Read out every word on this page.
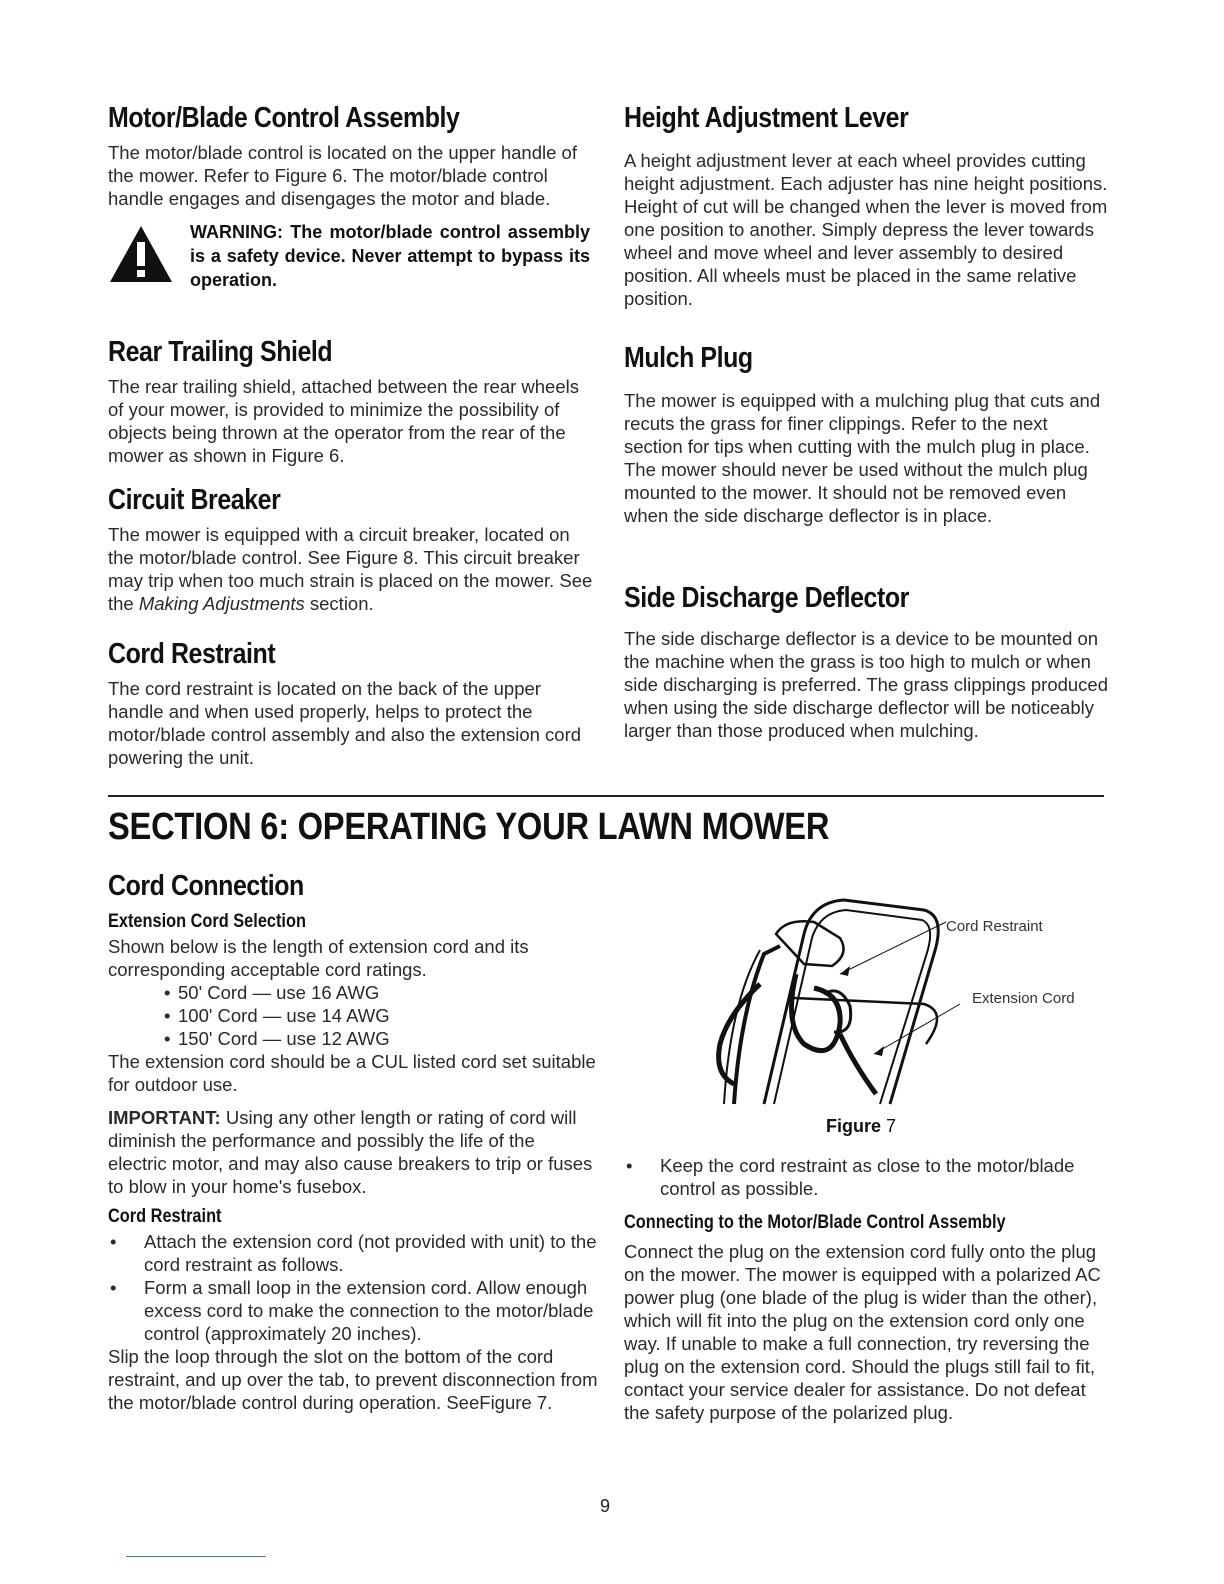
Motor/Blade Control Assembly

The motor/blade control is located on the upper handle of the mower. Refer to Figure 6. The motor/blade control handle engages and disengages the motor and blade.

WARNING: The motor/blade control assembly is a safety device. Never attempt to bypass its operation.
Rear Trailing Shield

The rear trailing shield, attached between the rear wheels of your mower, is provided to minimize the possibility of objects being thrown at the operator from the rear of the mower as shown in Figure 6.

Circuit Breaker

The mower is equipped with a circuit breaker, located on the motor/blade control. See Figure 8. This circuit breaker may trip when too much strain is placed on the mower. See the Making Adjustments section.

Cord Restraint

The cord restraint is located on the back of the upper handle and when used properly, helps to protect the motor/blade control assembly and also the extension cord powering the unit.

Height Adjustment Lever

A height adjustment lever at each wheel provides cutting height adjustment. Each adjuster has nine height positions. Height of cut will be changed when the lever is moved from one position to another. Simply depress the lever towards wheel and move wheel and lever assembly to desired position. All wheels must be placed in the same relative position.

Mulch Plug

The mower is equipped with a mulching plug that cuts and recuts the grass for finer clippings. Refer to the next section for tips when cutting with the mulch plug in place. The mower should never be used without the mulch plug mounted to the mower. It should not be removed even when the side discharge deflector is in place.

Side Discharge Deflector

The side discharge deflector is a device to be mounted on the machine when the grass is too high to mulch or when side discharging is preferred. The grass clippings produced when using the side discharge deflector will be noticeably larger than those produced when mulching.

SECTION 6: OPERATING YOUR LAWN MOWER
Cord Connection
Extension Cord Selection

Shown below is the length of extension cord and its corresponding acceptable cord ratings.

• 50' Cord — use 16 AWG
• 100' Cord — use 14 AWG
• 150' Cord — use 12 AWG

The extension cord should be a CUL listed cord set suitable for outdoor use.

IMPORTANT: Using any other length or rating of cord will diminish the performance and possibly the life of the electric motor, and may also cause breakers to trip or fuses to blow in your home's fusebox.

Cord Restraint
• Attach the extension cord (not provided with unit) to the cord restraint as follows.
• Form a small loop in the extension cord. Allow enough excess cord to make the connection to the motor/blade control (approximately 20 inches).

Slip the loop through the slot on the bottom of the cord restraint, and up over the tab, to prevent disconnection from the motor/blade control during operation. SeeFigure 7.

Cord Restraint
Extension Cord
Figure 7
• Keep the cord restraint as close to the motor/blade control as possible.
Connecting to the Motor/Blade Control Assembly

Connect the plug on the extension cord fully onto the plug on the mower. The mower is equipped with a polarized AC power plug (one blade of the plug is wider than the other), which will fit into the plug on the extension cord only one way. If unable to make a full connection, try reversing the plug on the extension cord. Should the plugs still fail to fit, contact your service dealer for assistance. Do not defeat the safety purpose of the polarized plug.

9
